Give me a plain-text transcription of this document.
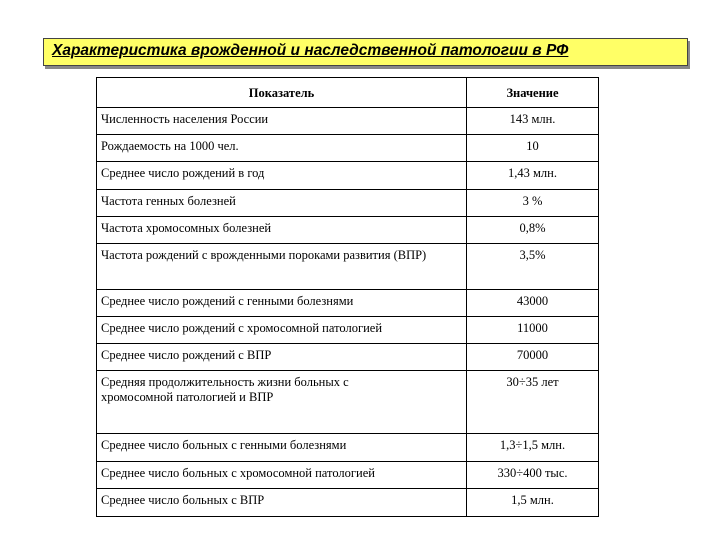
Характеристика врожденной и наследственной патологии в РФ
Показатель	Значение
Численность населения России	143 млн.
Рождаемость на 1000 чел.	10
Среднее число рождений в год	1,43 млн.
Частота генных болезней	3 %
Частота хромосомных болезней	0,8%
Частота рождений с врожденными пороками развития (ВПР)	3,5%
Среднее число рождений с генными болезнями	43000
Среднее число рождений с хромосомной патологией	11000
Среднее число рождений с ВПР	70000

Средняя продолжительность жизни больных с хромосомной патологией и ВПР	30÷35 лет
Среднее число больных с генными болезнями	1,3÷1,5 млн.
Среднее число больных с хромосомной патологией	330÷400 тыс.
Среднее число больных с ВПР	1,5 млн.
